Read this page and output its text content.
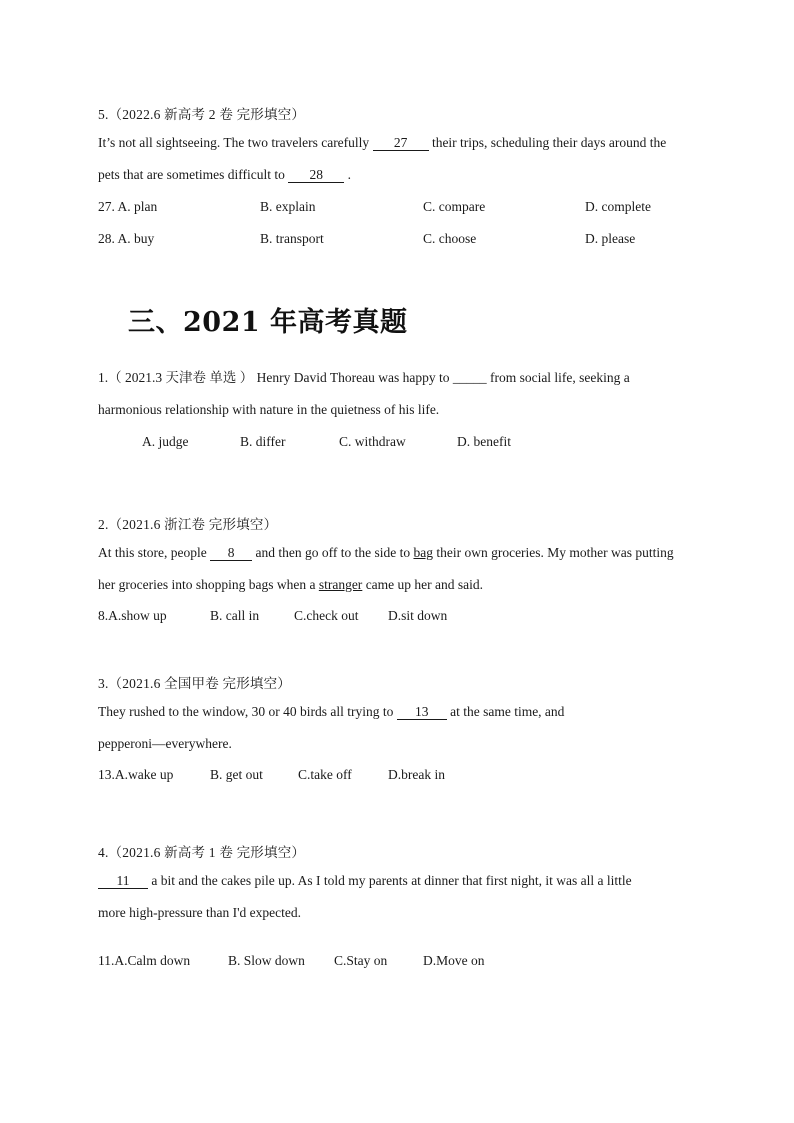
5.（2022.6 新高考 2 卷 完形填空）
It’s not all sightseeing. The two travelers carefully 27 their trips, scheduling their days around the
pets that are sometimes difficult to 28 .
27. A. plan	B. explain	C. compare	D. complete
28. A. buy	B. transport	C. choose	D. please
三、2021 年高考真题
1.（ 2021.3 天津卷 单选 ） Henry David Thoreau was happy to _____ from social life, seeking a
harmonious relationship with nature in the quietness of his life.
A. judge	B. differ	C. withdraw	D. benefit
2.（2021.6 浙江卷 完形填空）
At this store, people 8 and then go off to the side to bag their own groceries. My mother was putting
her groceries into shopping bags when a stranger came up her and said.
8.A.show up	B. call in	C.check out D.sit down
3.（2021.6 全国甲卷 完形填空）
They rushed to the window, 30 or 40 birds all trying to 13 at the same time, and
pepperoni—everywhere.
13.A.wake up	B. get out	C.take off	D.break in
4.（2021.6 新高考 1 卷 完形填空）
11 a bit and the cakes pile up. As I told my parents at dinner that first night, it was all a little
more high-pressure than I'd expected.
11.A.Calm down	B. Slow down C.Stay on	D.Move on
